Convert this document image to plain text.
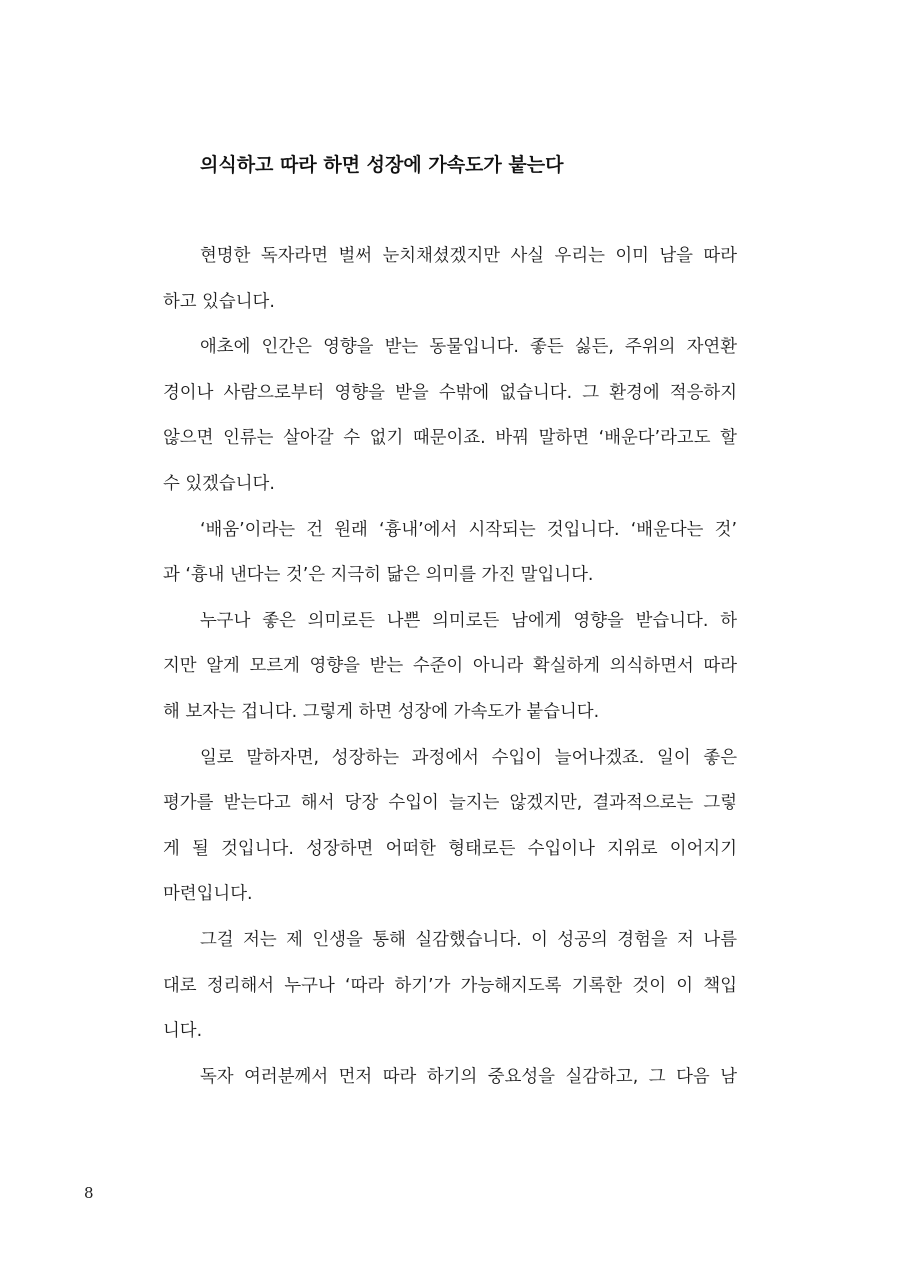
의식하고 따라 하면 성장에 가속도가 붙는다
현명한 독자라면 벌써 눈치채셨겠지만 사실 우리는 이미 남을 따라
하고 있습니다.
애초에 인간은 영향을 받는 동물입니다. 좋든 싫든, 주위의 자연환
경이나 사람으로부터 영향을 받을 수밖에 없습니다. 그 환경에 적응하지
않으면 인류는 살아갈 수 없기 때문이죠. 바꿔 말하면 ‘배운다’라고도 할
수 있겠습니다.
‘배움’이라는 건 원래 ‘흉내’에서 시작되는 것입니다. ‘배운다는 것’
과 ‘흉내 낸다는 것’은 지극히 닮은 의미를 가진 말입니다.
누구나 좋은 의미로든 나쁜 의미로든 남에게 영향을 받습니다. 하
지만 알게 모르게 영향을 받는 수준이 아니라 확실하게 의식하면서 따라
해 보자는 겁니다. 그렇게 하면 성장에 가속도가 붙습니다.
일로 말하자면, 성장하는 과정에서 수입이 늘어나겠죠. 일이 좋은
평가를 받는다고 해서 당장 수입이 늘지는 않겠지만, 결과적으로는 그렇
게 될 것입니다. 성장하면 어떠한 형태로든 수입이나 지위로 이어지기
마련입니다.
그걸 저는 제 인생을 통해 실감했습니다. 이 성공의 경험을 저 나름
대로 정리해서 누구나 ‘따라 하기’가 가능해지도록 기록한 것이 이 책입
니다.
독자 여러분께서 먼저 따라 하기의 중요성을 실감하고, 그 다음 남
8
